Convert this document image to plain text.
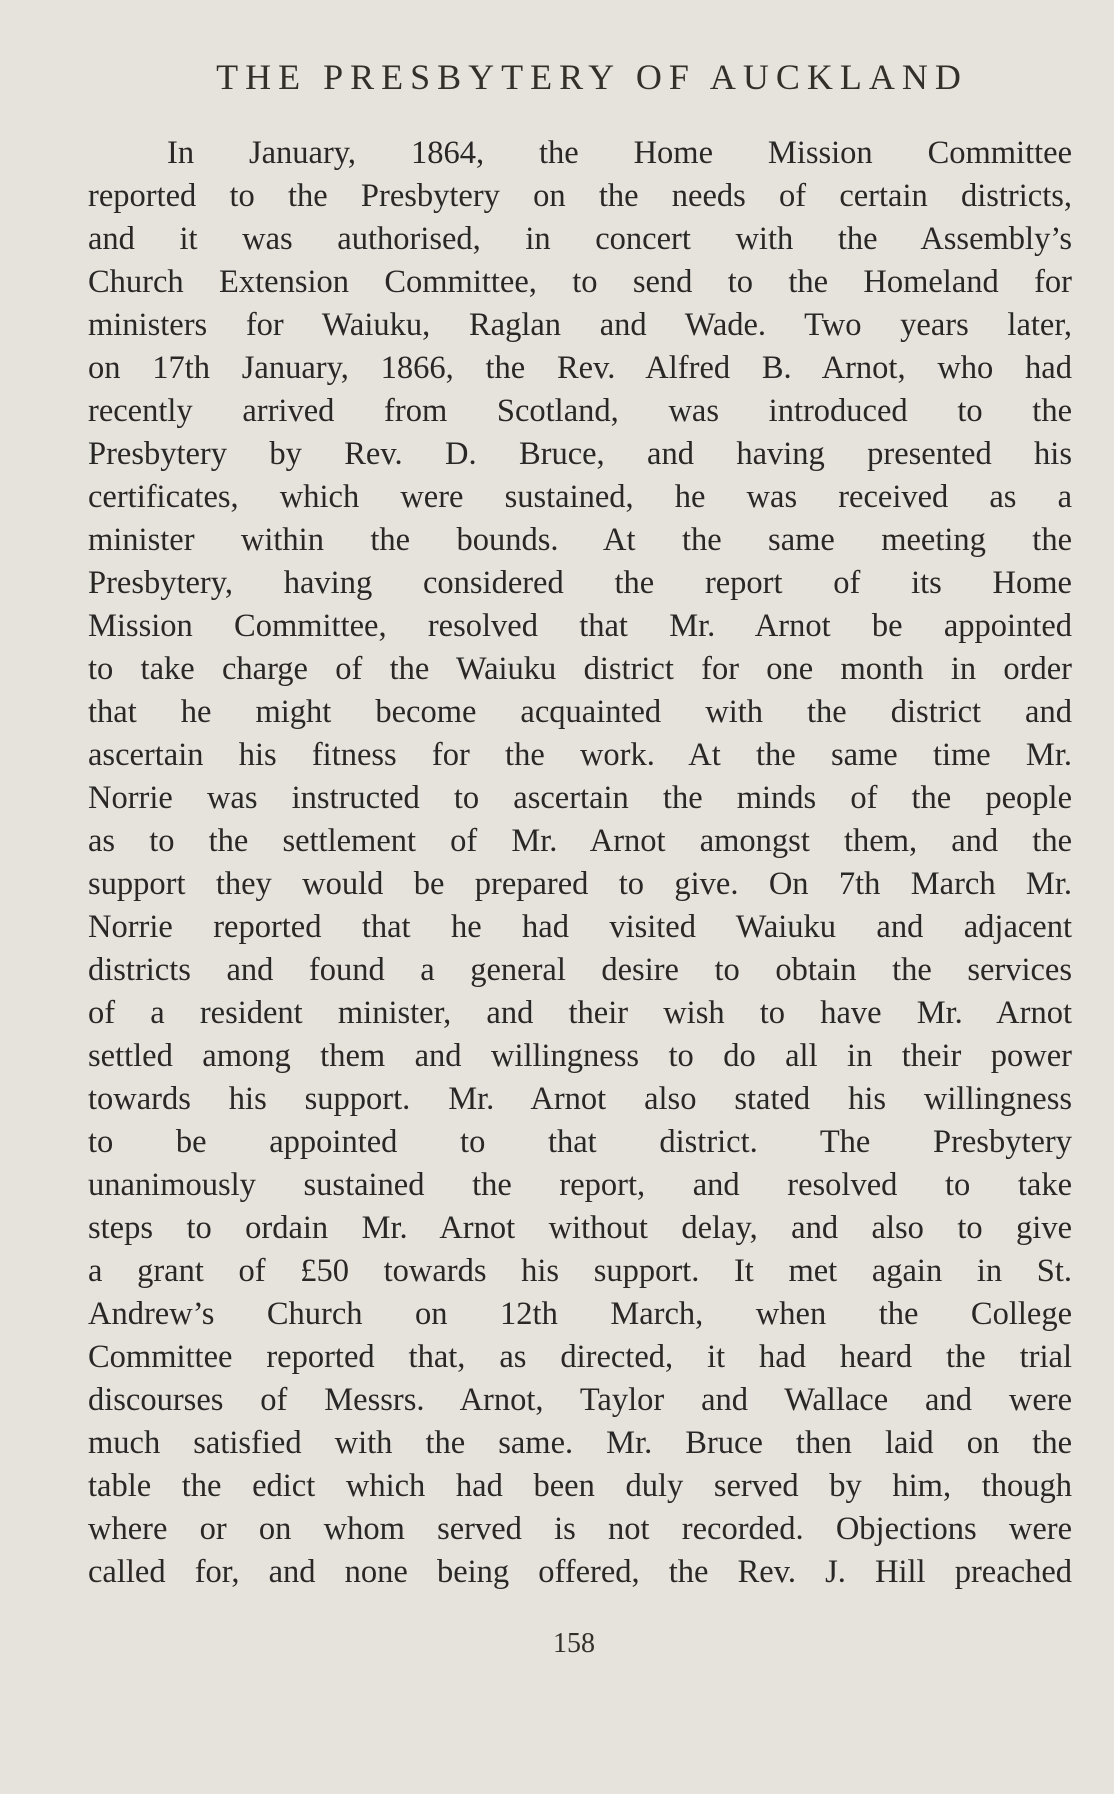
THE PRESBYTERY OF AUCKLAND
In January, 1864, the Home Mission Committee
reported to the Presbytery on the needs of certain districts,
and it was authorised, in concert with the Assembly’s
Church Extension Committee, to send to the Homeland for
ministers for Waiuku, Raglan and Wade. Two years later,
on 17th January, 1866, the Rev. Alfred B. Arnot, who had
recently arrived from Scotland, was introduced to the
Presbytery by Rev. D. Bruce, and having presented his
certificates, which were sustained, he was received as a
minister within the bounds. At the same meeting the
Presbytery, having considered the report of its Home
Mission Committee, resolved that Mr. Arnot be appointed
to take charge of the Waiuku district for one month in order
that he might become acquainted with the district and
ascertain his fitness for the work. At the same time Mr.
Norrie was instructed to ascertain the minds of the people
as to the settlement of Mr. Arnot amongst them, and the
support they would be prepared to give. On 7th March Mr.
Norrie reported that he had visited Waiuku and adjacent
districts and found a general desire to obtain the services
of a resident minister, and their wish to have Mr. Arnot
settled among them and willingness to do all in their power
towards his support. Mr. Arnot also stated his willingness
to be appointed to that district. The Presbytery
unanimously sustained the report, and resolved to take
steps to ordain Mr. Arnot without delay, and also to give
a grant of £50 towards his support. It met again in St.
Andrew’s Church on 12th March, when the College
Committee reported that, as directed, it had heard the trial
discourses of Messrs. Arnot, Taylor and Wallace and were
much satisfied with the same. Mr. Bruce then laid on the
table the edict which had been duly served by him, though
where or on whom served is not recorded. Objections were
called for, and none being offered, the Rev. J. Hill preached
158
